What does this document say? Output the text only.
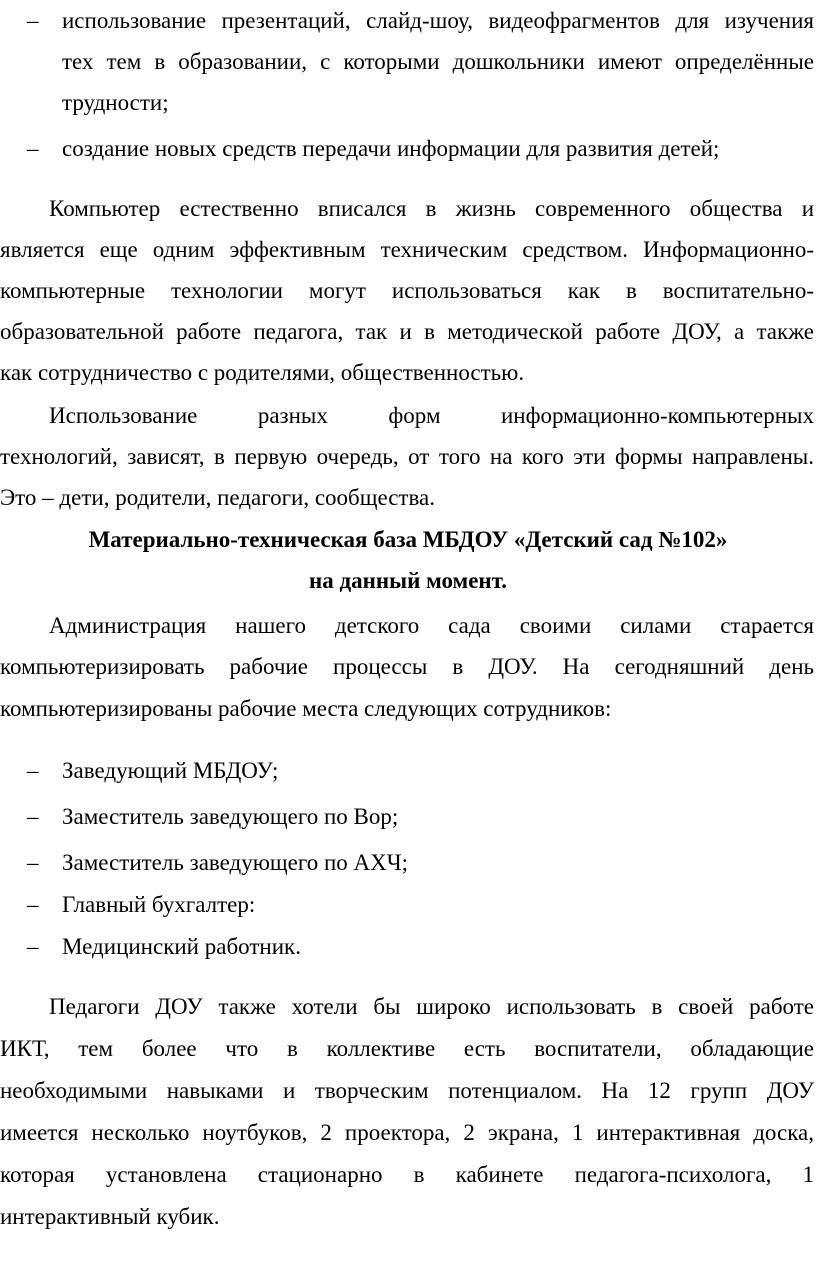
– использование презентаций, слайд-шоу, видеофрагментов для изучения
тех тем в образовании, с которыми дошкольники имеют определённые
трудности;
– создание новых средств передачи информации для развития детей;
Компьютер естественно вписался в жизнь современного общества и
является еще одним эффективным техническим средством. Информационно-
компьютерные технологии могут использоваться как в воспитательно-
образовательной работе педагога, так и в методической работе ДОУ, а также
как сотрудничество с родителями, общественностью.
Использование разных форм информационно-компьютерных
технологий, зависят, в первую очередь, от того на кого эти формы направлены.
Это – дети, родители, педагоги, сообщества.
Материально-техническая база МБДОУ «Детский сад №102»
на данный момент.
Администрация нашего детского сада своими силами старается
компьютеризировать рабочие процессы в ДОУ. На сегодняшний день
компьютеризированы рабочие места следующих сотрудников:
– Заведующий МБДОУ;
– Заместитель заведующего по Вор;
– Заместитель заведующего по АХЧ;
– Главный бухгалтер:
– Медицинский работник.
Педагоги ДОУ также хотели бы широко использовать в своей работе
ИКТ, тем более что в коллективе есть воспитатели, обладающие
необходимыми навыками и творческим потенциалом. На 12 групп ДОУ
имеется несколько ноутбуков, 2 проектора, 2 экрана, 1 интерактивная доска,
которая установлена стационарно в кабинете педагога-психолога, 1
интерактивный кубик.
